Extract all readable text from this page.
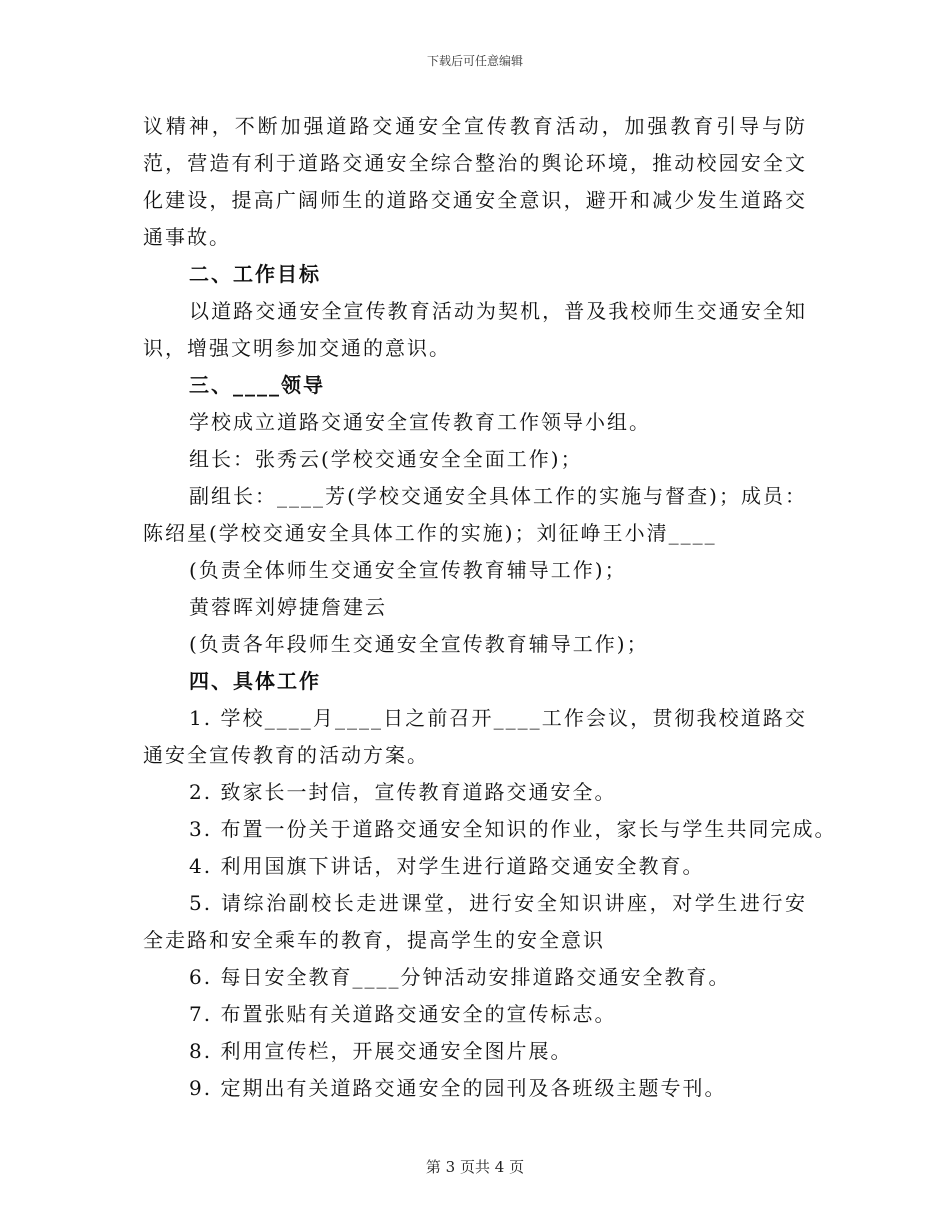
下载后可任意编辑

议精神，不断加强道路交通安全宣传教育活动，加强教育引导与防范，营造有利于道路交通安全综合整治的舆论环境，推动校园安全文化建设，提高广阔师生的道路交通安全意识，避开和减少发生道路交通事故。

二、工作目标

以道路交通安全宣传教育活动为契机，普及我校师生交通安全知识，增强文明参加交通的意识。

三、____领导

学校成立道路交通安全宣传教育工作领导小组。

组长：张秀云(学校交通安全全面工作)；

副组长：____芳(学校交通安全具体工作的实施与督查)；成员：陈绍星(学校交通安全具体工作的实施)；刘征峥王小清____

(负责全体师生交通安全宣传教育辅导工作)；

黄蓉晖刘婷捷詹建云

(负责各年段师生交通安全宣传教育辅导工作)；

四、具体工作

1. 学校____月____日之前召开____工作会议，贯彻我校道路交通安全宣传教育的活动方案。

2. 致家长一封信，宣传教育道路交通安全。

3. 布置一份关于道路交通安全知识的作业，家长与学生共同完成。

4. 利用国旗下讲话，对学生进行道路交通安全教育。

5. 请综治副校长走进课堂，进行安全知识讲座，对学生进行安全走路和安全乘车的教育，提高学生的安全意识

6. 每日安全教育____分钟活动安排道路交通安全教育。

7. 布置张贴有关道路交通安全的宣传标志。

8. 利用宣传栏，开展交通安全图片展。

9. 定期出有关道路交通安全的园刊及各班级主题专刊。

第 3 页共 4 页
